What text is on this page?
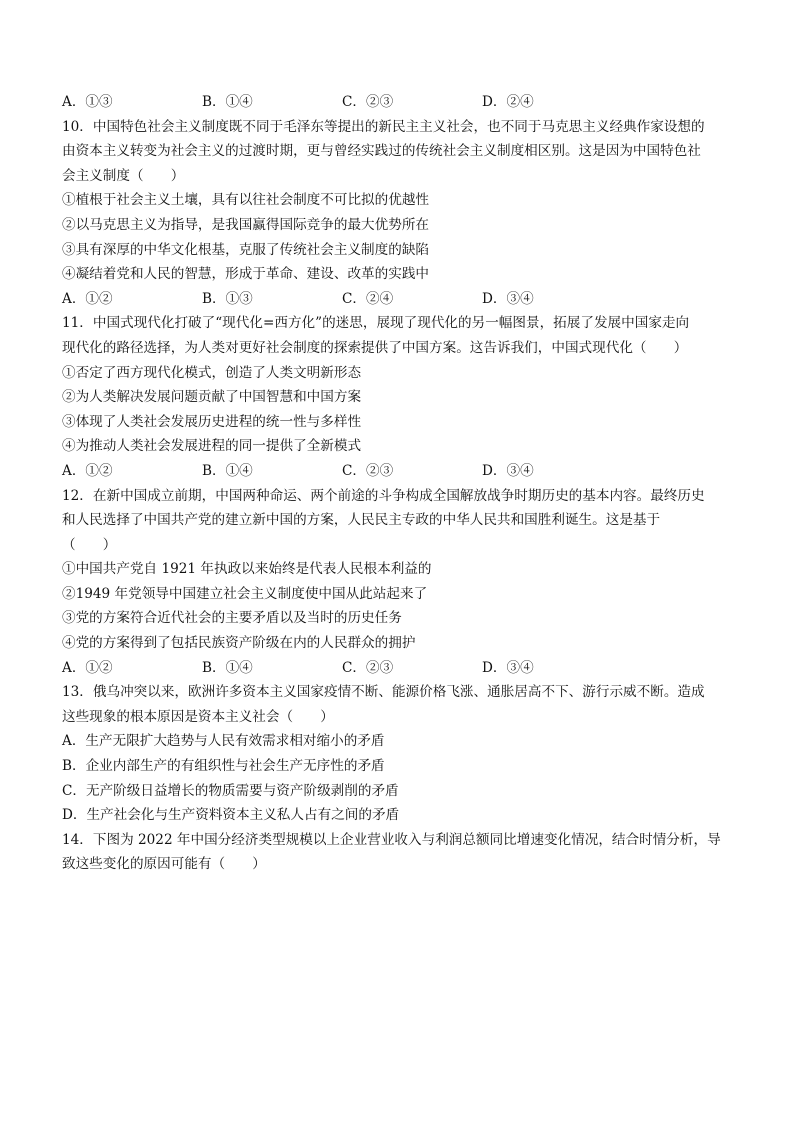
A．①③	B．①④	C．②③	D．②④
10．中国特色社会主义制度既不同于毛泽东等提出的新民主主义社会，也不同于马克思主义经典作家设想的
由资本主义转变为社会主义的过渡时期，更与曾经实践过的传统社会主义制度相区别。这是因为中国特色社
会主义制度（　　）
①植根于社会主义土壤，具有以往社会制度不可比拟的优越性
②以马克思主义为指导，是我国赢得国际竞争的最大优势所在
③具有深厚的中华文化根基，克服了传统社会主义制度的缺陷
④凝结着党和人民的智慧，形成于革命、建设、改革的实践中
A．①②	B．①③	C．②④	D．③④
11．中国式现代化打破了“现代化=西方化”的迷思，展现了现代化的另一幅图景，拓展了发展中国家走向
现代化的路径选择，为人类对更好社会制度的探索提供了中国方案。这告诉我们，中国式现代化（　　）
①否定了西方现代化模式，创造了人类文明新形态
②为人类解决发展问题贡献了中国智慧和中国方案
③体现了人类社会发展历史进程的统一性与多样性
④为推动人类社会发展进程的同一提供了全新模式
A．①②	B．①④	C．②③	D．③④
12．在新中国成立前期，中国两种命运、两个前途的斗争构成全国解放战争时期历史的基本内容。最终历史
和人民选择了中国共产党的建立新中国的方案，人民民主专政的中华人民共和国胜利诞生。这是基于
（　　）
①中国共产党自 1921 年执政以来始终是代表人民根本利益的
②1949 年党领导中国建立社会主义制度使中国从此站起来了
③党的方案符合近代社会的主要矛盾以及当时的历史任务
④党的方案得到了包括民族资产阶级在内的人民群众的拥护
A．①②	B．①④	C．②③	D．③④
13．俄乌冲突以来，欧洲许多资本主义国家疫情不断、能源价格飞涨、通胀居高不下、游行示威不断。造成
这些现象的根本原因是资本主义社会（　　）
A．生产无限扩大趋势与人民有效需求相对缩小的矛盾
B．企业内部生产的有组织性与社会生产无序性的矛盾
C．无产阶级日益增长的物质需要与资产阶级剥削的矛盾
D．生产社会化与生产资料资本主义私人占有之间的矛盾
14．下图为 2022 年中国分经济类型规模以上企业营业收入与利润总额同比增速变化情况，结合时情分析，导
致这些变化的原因可能有（　　）
